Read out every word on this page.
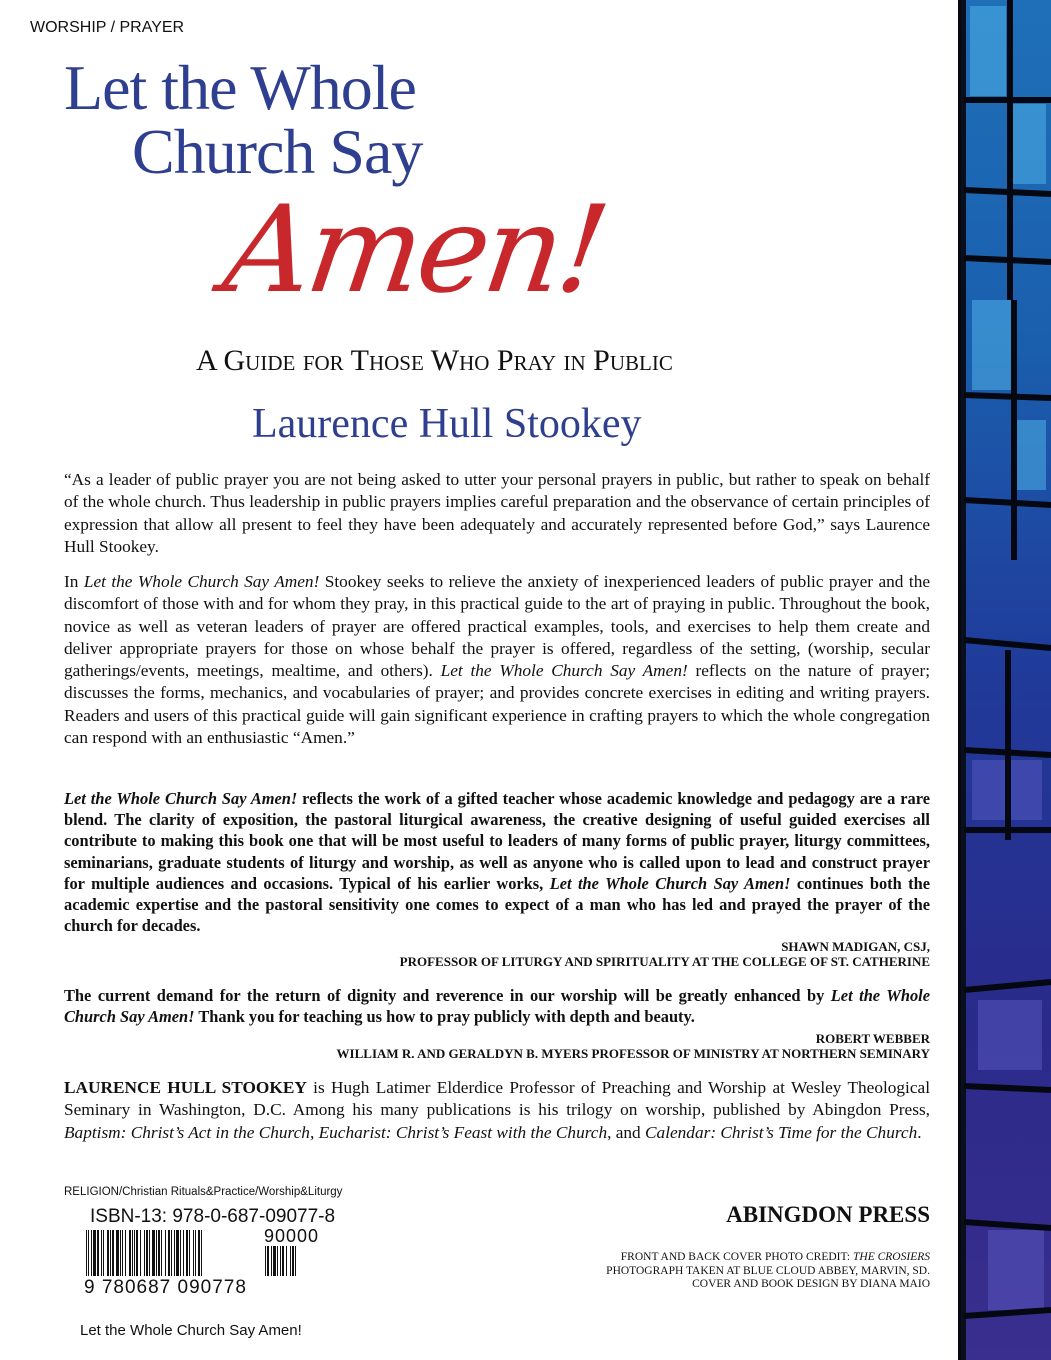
WORSHIP / PRAYER
Let the Whole
Church Say
Amen!
A Guide for Those Who Pray in Public
Laurence Hull Stookey
“As a leader of public prayer you are not being asked to utter your personal prayers in public, but rather to speak on behalf of the whole church. Thus leadership in public prayers implies careful preparation and the observance of certain principles of expression that allow all present to feel they have been adequately and accurately represented before God,” says Laurence Hull Stookey.
In Let the Whole Church Say Amen! Stookey seeks to relieve the anxiety of inexperienced leaders of public prayer and the discomfort of those with and for whom they pray, in this practical guide to the art of praying in public. Throughout the book, novice as well as veteran leaders of prayer are offered practical examples, tools, and exercises to help them create and deliver appropriate prayers for those on whose behalf the prayer is offered, regardless of the setting, (worship, secular gatherings/events, meetings, mealtime, and others). Let the Whole Church Say Amen! reflects on the nature of prayer; discusses the forms, mechanics, and vocabularies of prayer; and provides concrete exercises in editing and writing prayers. Readers and users of this practical guide will gain significant experience in crafting prayers to which the whole congregation can respond with an enthusiastic “Amen.”
Let the Whole Church Say Amen! reflects the work of a gifted teacher whose academic knowledge and pedagogy are a rare blend. The clarity of exposition, the pastoral liturgical awareness, the creative designing of useful guided exercises all contribute to making this book one that will be most useful to leaders of many forms of public prayer, liturgy committees, seminarians, graduate students of liturgy and worship, as well as anyone who is called upon to lead and construct prayer for multiple audiences and occasions. Typical of his earlier works, Let the Whole Church Say Amen! continues both the academic expertise and the pastoral sensitivity one comes to expect of a man who has led and prayed the prayer of the church for decades.
SHAWN MADIGAN, CSJ,
PROFESSOR OF LITURGY AND SPIRITUALITY AT THE COLLEGE OF ST. CATHERINE
The current demand for the return of dignity and reverence in our worship will be greatly enhanced by Let the Whole Church Say Amen! Thank you for teaching us how to pray publicly with depth and beauty.
ROBERT WEBBER
WILLIAM R. AND GERALDYN B. MYERS PROFESSOR OF MINISTRY AT NORTHERN SEMINARY
LAURENCE HULL STOOKEY is Hugh Latimer Elderdice Professor of Preaching and Worship at Wesley Theological Seminary in Washington, D.C. Among his many publications is his trilogy on worship, published by Abingdon Press, Baptism: Christ’s Act in the Church, Eucharist: Christ’s Feast with the Church, and Calendar: Christ’s Time for the Church.
RELIGION/Christian Rituals&Practice/Worship&Liturgy
ISBN-13: 978-0-687-09077-8
9 780687 090778
90000
ABINGDON PRESS
FRONT AND BACK COVER PHOTO CREDIT: THE CROSIERS
PHOTOGRAPH TAKEN AT BLUE CLOUD ABBEY, MARVIN, SD.
COVER AND BOOK DESIGN BY DIANA MAIO
Let the Whole Church Say Amen!
